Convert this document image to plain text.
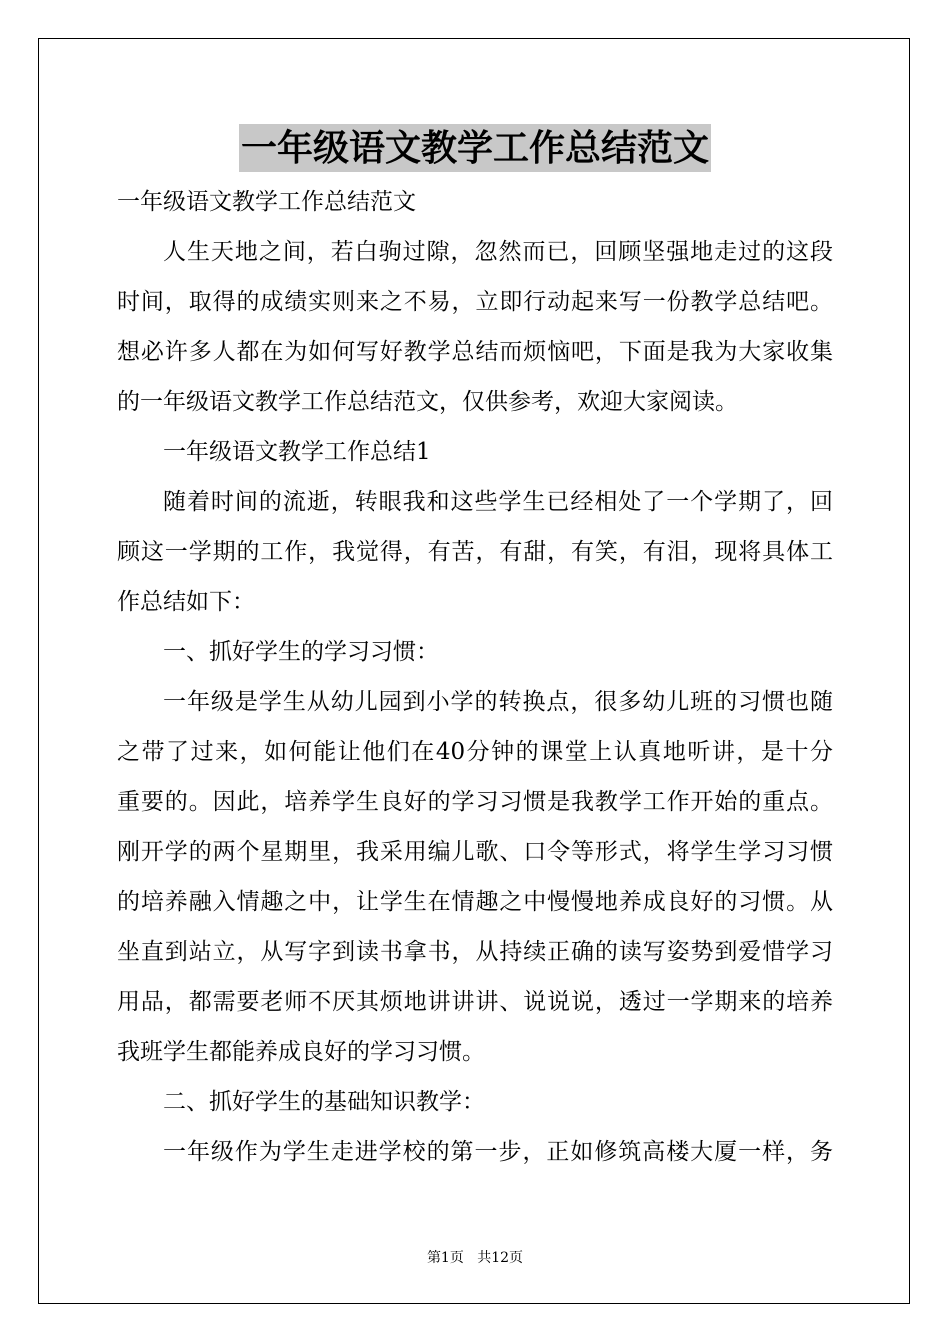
一年级语文教学工作总结范文
一年级语文教学工作总结范文
人生天地之间，若白驹过隙，忽然而已，回顾坚强地走过的这段
时间，取得的成绩实则来之不易，立即行动起来写一份教学总结吧。
想必许多人都在为如何写好教学总结而烦恼吧，下面是我为大家收集
的一年级语文教学工作总结范文，仅供参考，欢迎大家阅读。
一年级语文教学工作总结1
随着时间的流逝，转眼我和这些学生已经相处了一个学期了，回
顾这一学期的工作，我觉得，有苦，有甜，有笑，有泪，现将具体工
作总结如下：
一、抓好学生的学习习惯：
一年级是学生从幼儿园到小学的转换点，很多幼儿班的习惯也随
之带了过来，如何能让他们在40分钟的课堂上认真地听讲，是十分
重要的。因此，培养学生良好的学习习惯是我教学工作开始的重点。
刚开学的两个星期里，我采用编儿歌、口令等形式，将学生学习习惯
的培养融入情趣之中，让学生在情趣之中慢慢地养成良好的习惯。从
坐直到站立，从写字到读书拿书，从持续正确的读写姿势到爱惜学习
用品，都需要老师不厌其烦地讲讲讲、说说说，透过一学期来的培养
我班学生都能养成良好的学习习惯。
二、抓好学生的基础知识教学：
一年级作为学生走进学校的第一步，正如修筑高楼大厦一样，务
第1页 共12页
